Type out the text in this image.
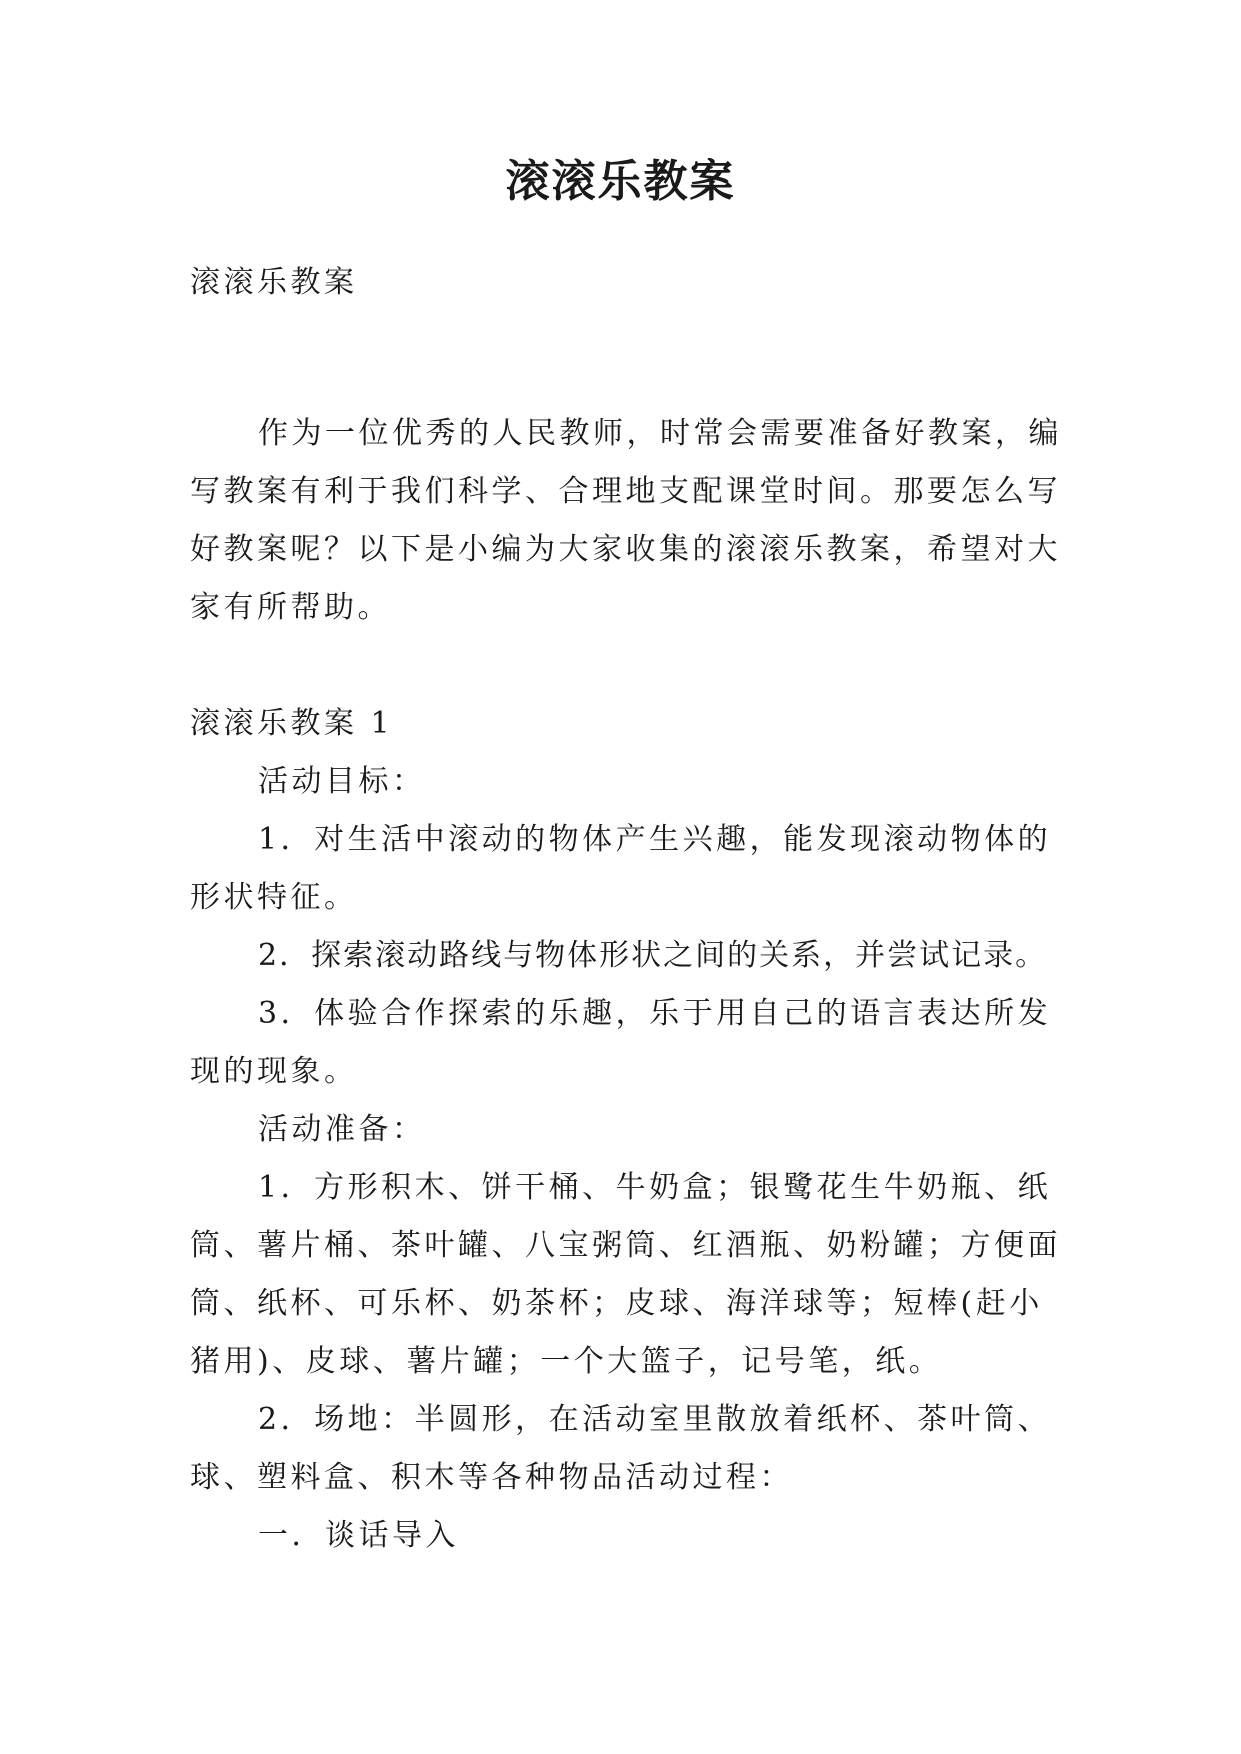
滚滚乐教案

滚滚乐教案

作为一位优秀的人民教师，时常会需要准备好教案，编写教案有利于我们科学、合理地支配课堂时间。那要怎么写好教案呢？以下是小编为大家收集的滚滚乐教案，希望对大家有所帮助。

滚滚乐教案 1

活动目标：

1．对生活中滚动的物体产生兴趣，能发现滚动物体的形状特征。

2．探索滚动路线与物体形状之间的关系，并尝试记录。

3．体验合作探索的乐趣，乐于用自己的语言表达所发现的现象。

活动准备：

1．方形积木、饼干桶、牛奶盒；银鹭花生牛奶瓶、纸筒、薯片桶、茶叶罐、八宝粥筒、红酒瓶、奶粉罐；方便面筒、纸杯、可乐杯、奶茶杯；皮球、海洋球等；短棒(赶小猪用)、皮球、薯片罐；一个大篮子，记号笔，纸。

2．场地：半圆形，在活动室里散放着纸杯、茶叶筒、球、塑料盒、积木等各种物品活动过程：

一．谈话导入
